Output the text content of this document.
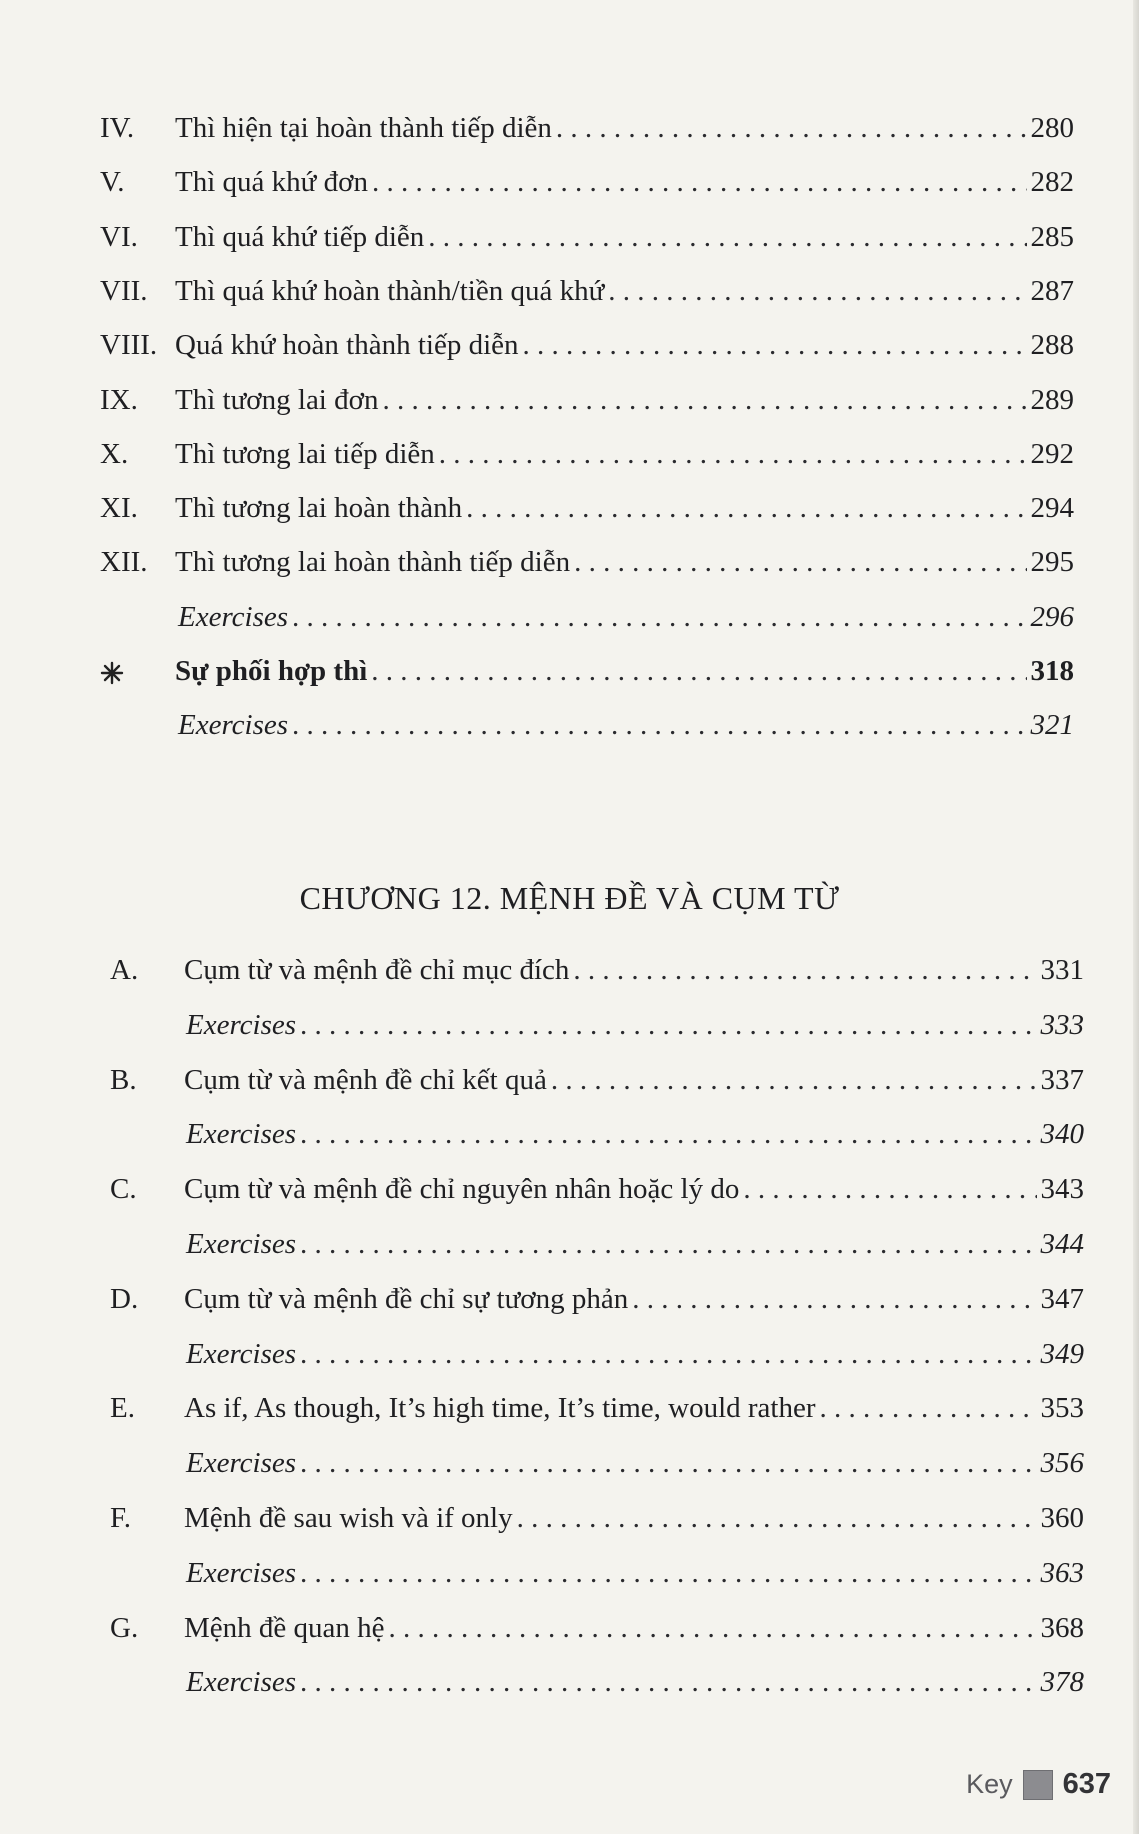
IV.	Thì hiện tại hoàn thành tiếp diễn . . .	280
V.	Thì quá khứ đơn . . .	282
VI.	Thì quá khứ tiếp diễn . . .	285
VII. Thì quá khứ hoàn thành/tiền quá khứ . . .	287
VIII. Quá khứ hoàn thành tiếp diễn . . .	288
IX.	Thì tương lai đơn . . .	289
X.	Thì tương lai tiếp diễn . . .	292
XI.	Thì tương lai hoàn thành . . .	294
XII. Thì tương lai hoàn thành tiếp diễn . . .	295
Exercises . . .	296
Sự phối hợp thì . . .	318
Exercises . . .	321
CHƯƠNG 12. MỆNH ĐỀ VÀ CỤM TỪ
A.	Cụm từ và mệnh đề chỉ mục đích . . .	331
Exercises . . .	333
B.	Cụm từ và mệnh đề chỉ kết quả . . .	337
Exercises . . .	340
C.	Cụm từ và mệnh đề chỉ nguyên nhân hoặc lý do . . .	343
Exercises . . .	344
D.	Cụm từ và mệnh đề chỉ sự tương phản . . .	347
Exercises . . .	349
E.	As if, As though, It’s high time, It’s time, would rather . . .	353
Exercises . . .	356
F.	Mệnh đề sau wish và if only . . .	360
Exercises . . .	363
G.	Mệnh đề quan hệ . . .	368
Exercises . . .	378
Key 637
